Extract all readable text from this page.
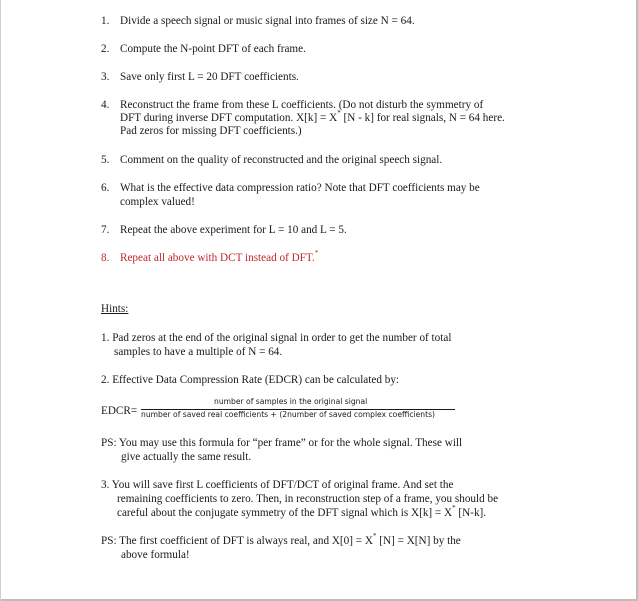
1. Divide a speech signal or music signal into frames of size N = 64.
2. Compute the N-point DFT of each frame.
3. Save only first L = 20 DFT coefficients.
4. Reconstruct the frame from these L coefficients. (Do not disturb the symmetry of
DFT during inverse DFT computation. X[k] = X* [N - k] for real signals, N = 64 here.
Pad zeros for missing DFT coefficients.)
5. Comment on the quality of reconstructed and the original speech signal.
6. What is the effective data compression ratio? Note that DFT coefficients may be
complex valued!
7. Repeat the above experiment for L = 10 and L = 5.
8. Repeat all above with DCT instead of DFT.*
Hints:
1. Pad zeros at the end of the original signal in order to get the number of total
samples to have a multiple of N = 64.
2. Effective Data Compression Rate (EDCR) can be calculated by:
EDCR=
number of samples in the original signal
number of saved real coefficients + (2number of saved complex coefficients)
PS: You may use this formula for “per frame” or for the whole signal. These will
give actually the same result.
3. You will save first L coefficients of DFT/DCT of original frame. And set the
remaining coefficients to zero. Then, in reconstruction step of a frame, you should be
careful about the conjugate symmetry of the DFT signal which is X[k] = X* [N-k].
PS: The first coefficient of DFT is always real, and X[0] = X* [N] = X[N] by the
above formula!
